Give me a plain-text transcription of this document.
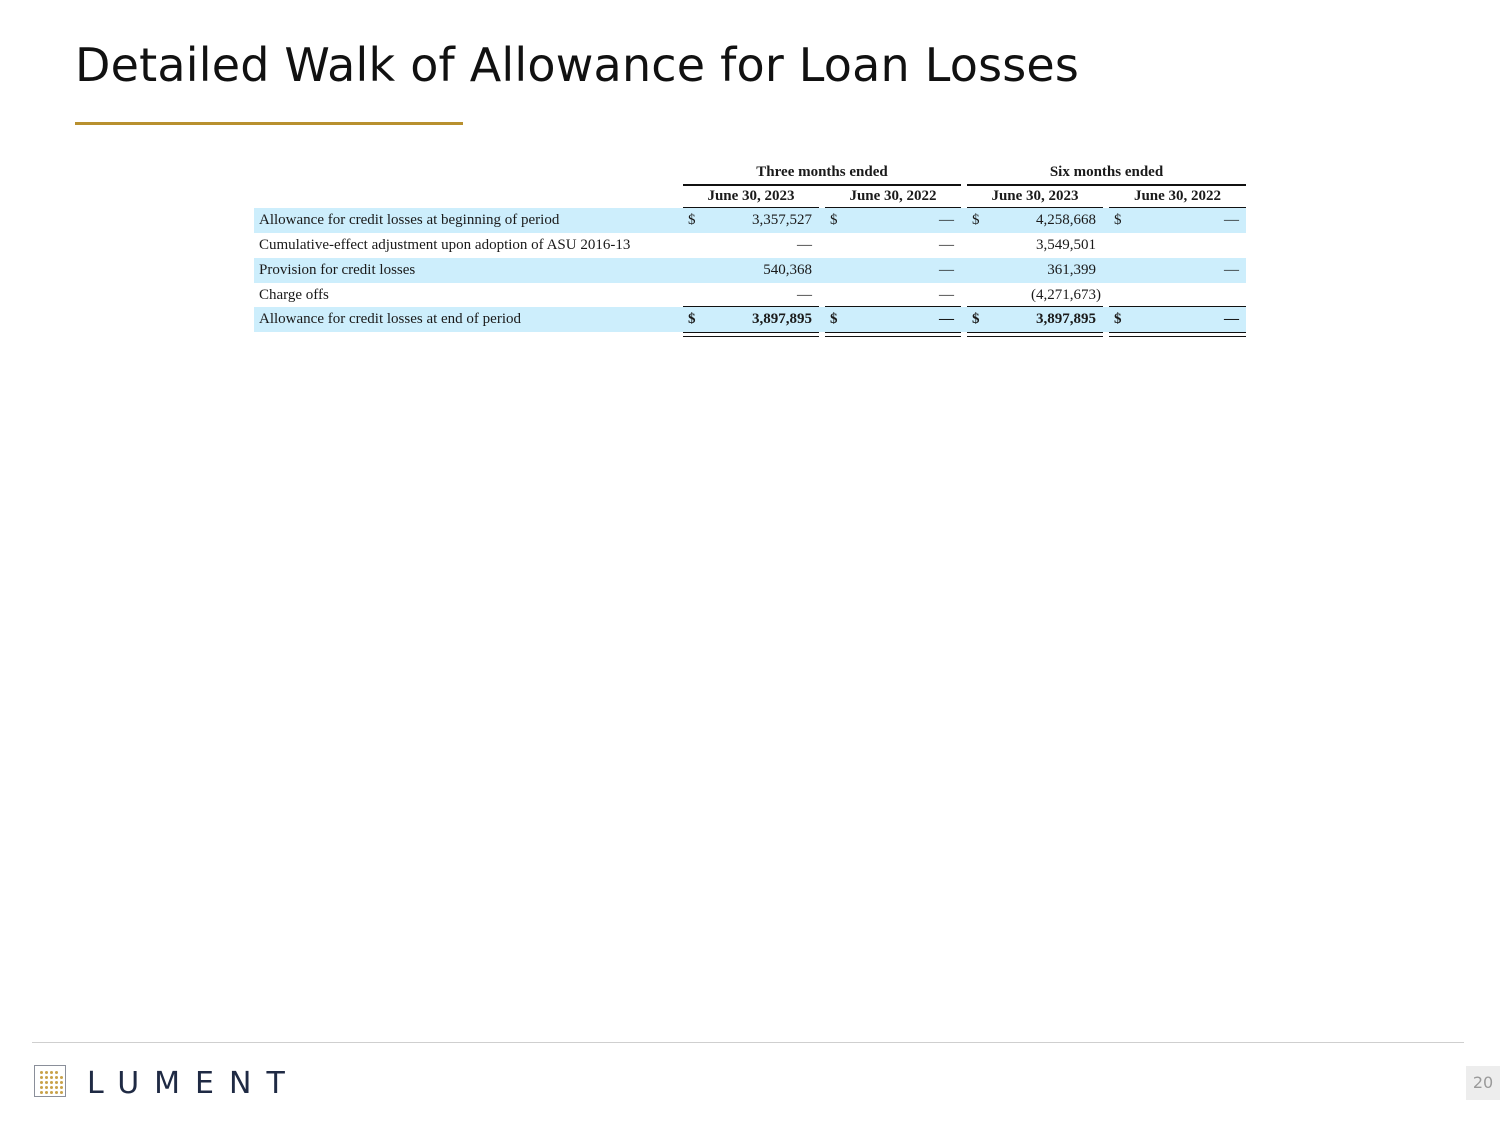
Detailed Walk of Allowance for Loan Losses
Three months ended	Six months ended
June 30, 2023	June 30, 2022	June 30, 2023	June 30, 2022
Allowance for credit losses at beginning of period	$	3,357,527 $	— $	4,258,668 $	—
Cumulative-effect adjustment upon adoption of ASU 2016-13	—	—	3,549,501
Provision for credit losses	540,368	—	361,399	—
Charge offs	—	—	(4,271,673)
Allowance for credit losses at end of period	$	3,897,895 $	— $	3,897,895 $	—
LUMENT	20
